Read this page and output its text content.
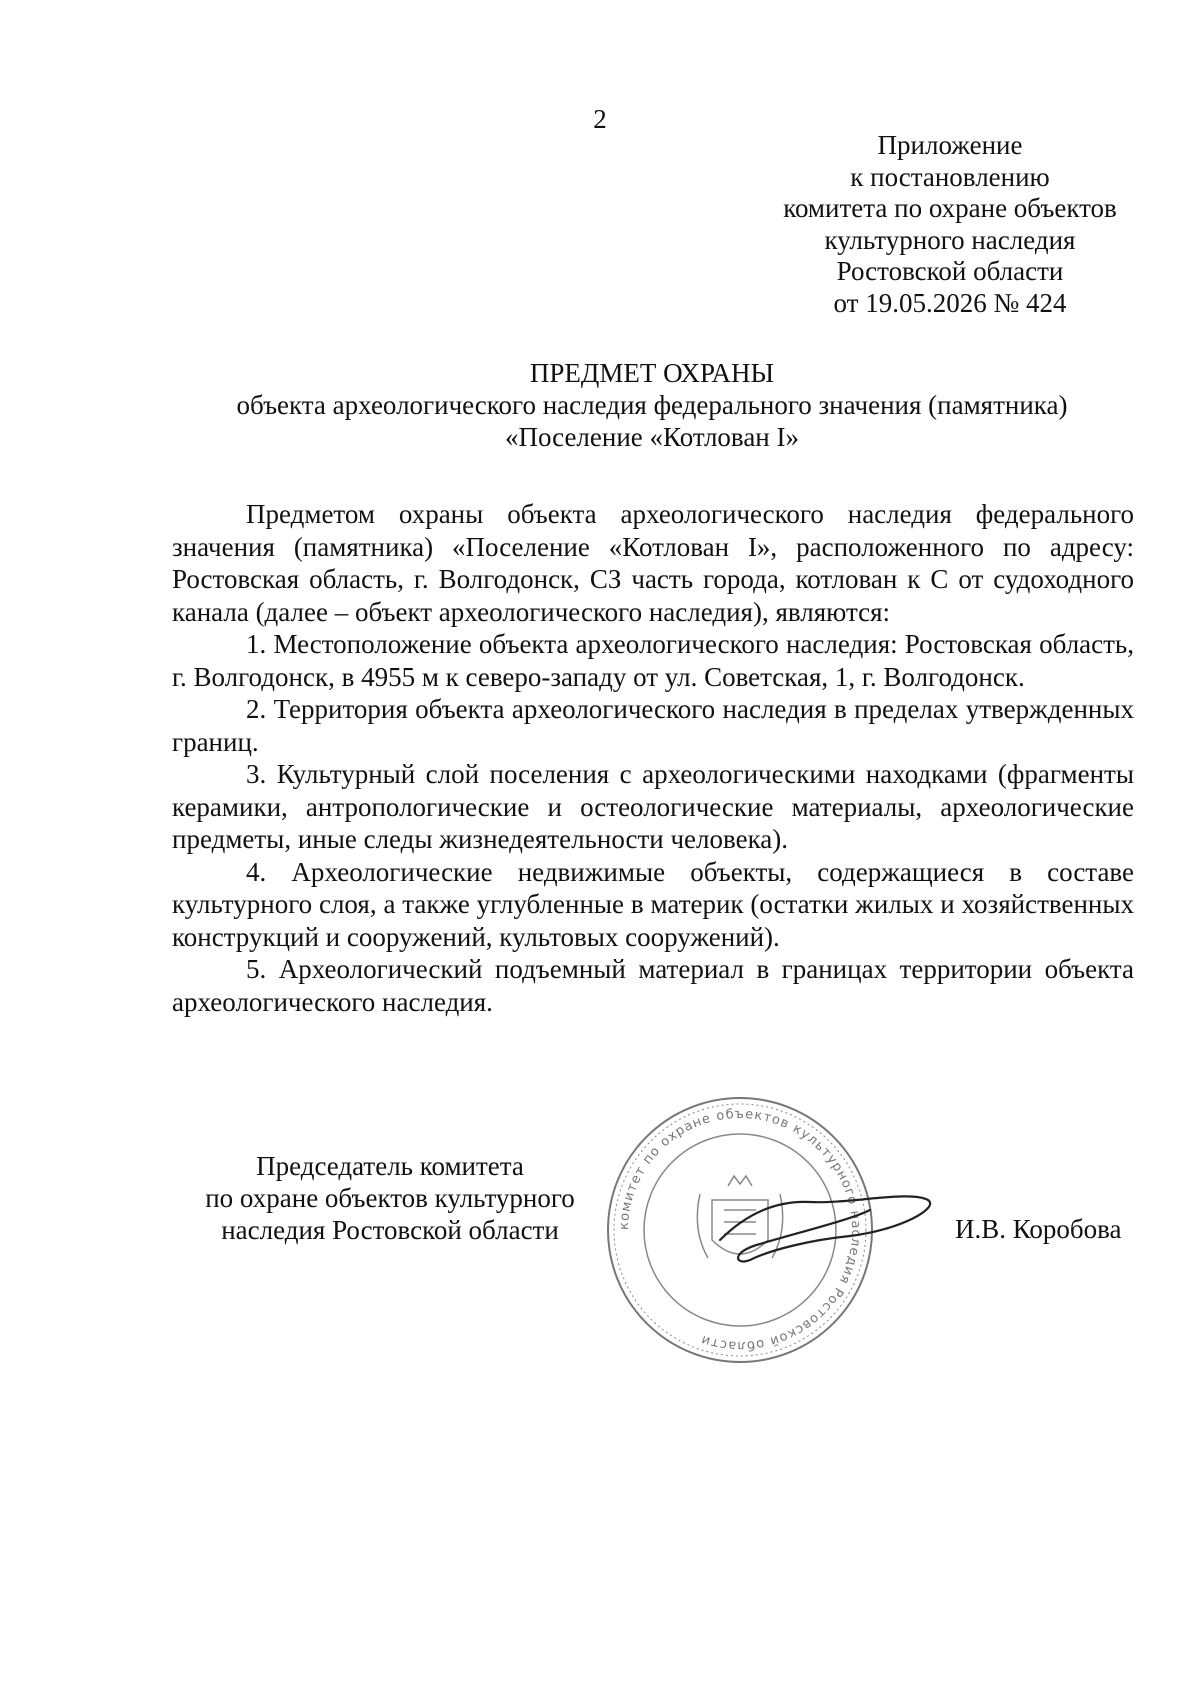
2
Приложение
к постановлению
комитета по охране объектов
культурного наследия
Ростовской области
от 19.05.2026 № 424
ПРЕДМЕТ ОХРАНЫ
объекта археологического наследия федерального значения (памятника)
«Поселение «Котлован I»

Предметом охраны объекта археологического наследия федерального значения (памятника) «Поселение «Котлован I», расположенного по адресу: Ростовская область, г. Волгодонск, СЗ часть города, котлован к С от судоходного канала (далее – объект археологического наследия), являются:

1. Местоположение объекта археологического наследия: Ростовская область, г. Волгодонск, в 4955 м к северо-западу от ул. Советская, 1, г. Волгодонск.

2. Территория объекта археологического наследия в пределах утвержденных границ.

3. Культурный слой поселения с археологическими находками (фрагменты керамики, антропологические и остеологические материалы, археологические предметы, иные следы жизнедеятельности человека).

4. Археологические недвижимые объекты, содержащиеся в составе культурного слоя, а также углубленные в материк (остатки жилых и хозяйственных конструкций и сооружений, культовых сооружений).

5. Археологический подъемный материал в границах территории объекта археологического наследия.

Председатель комитета
по охране объектов культурного
наследия Ростовской области	комитет по охране объектов культурного наследия Ростовской области
И.В. Коробова
